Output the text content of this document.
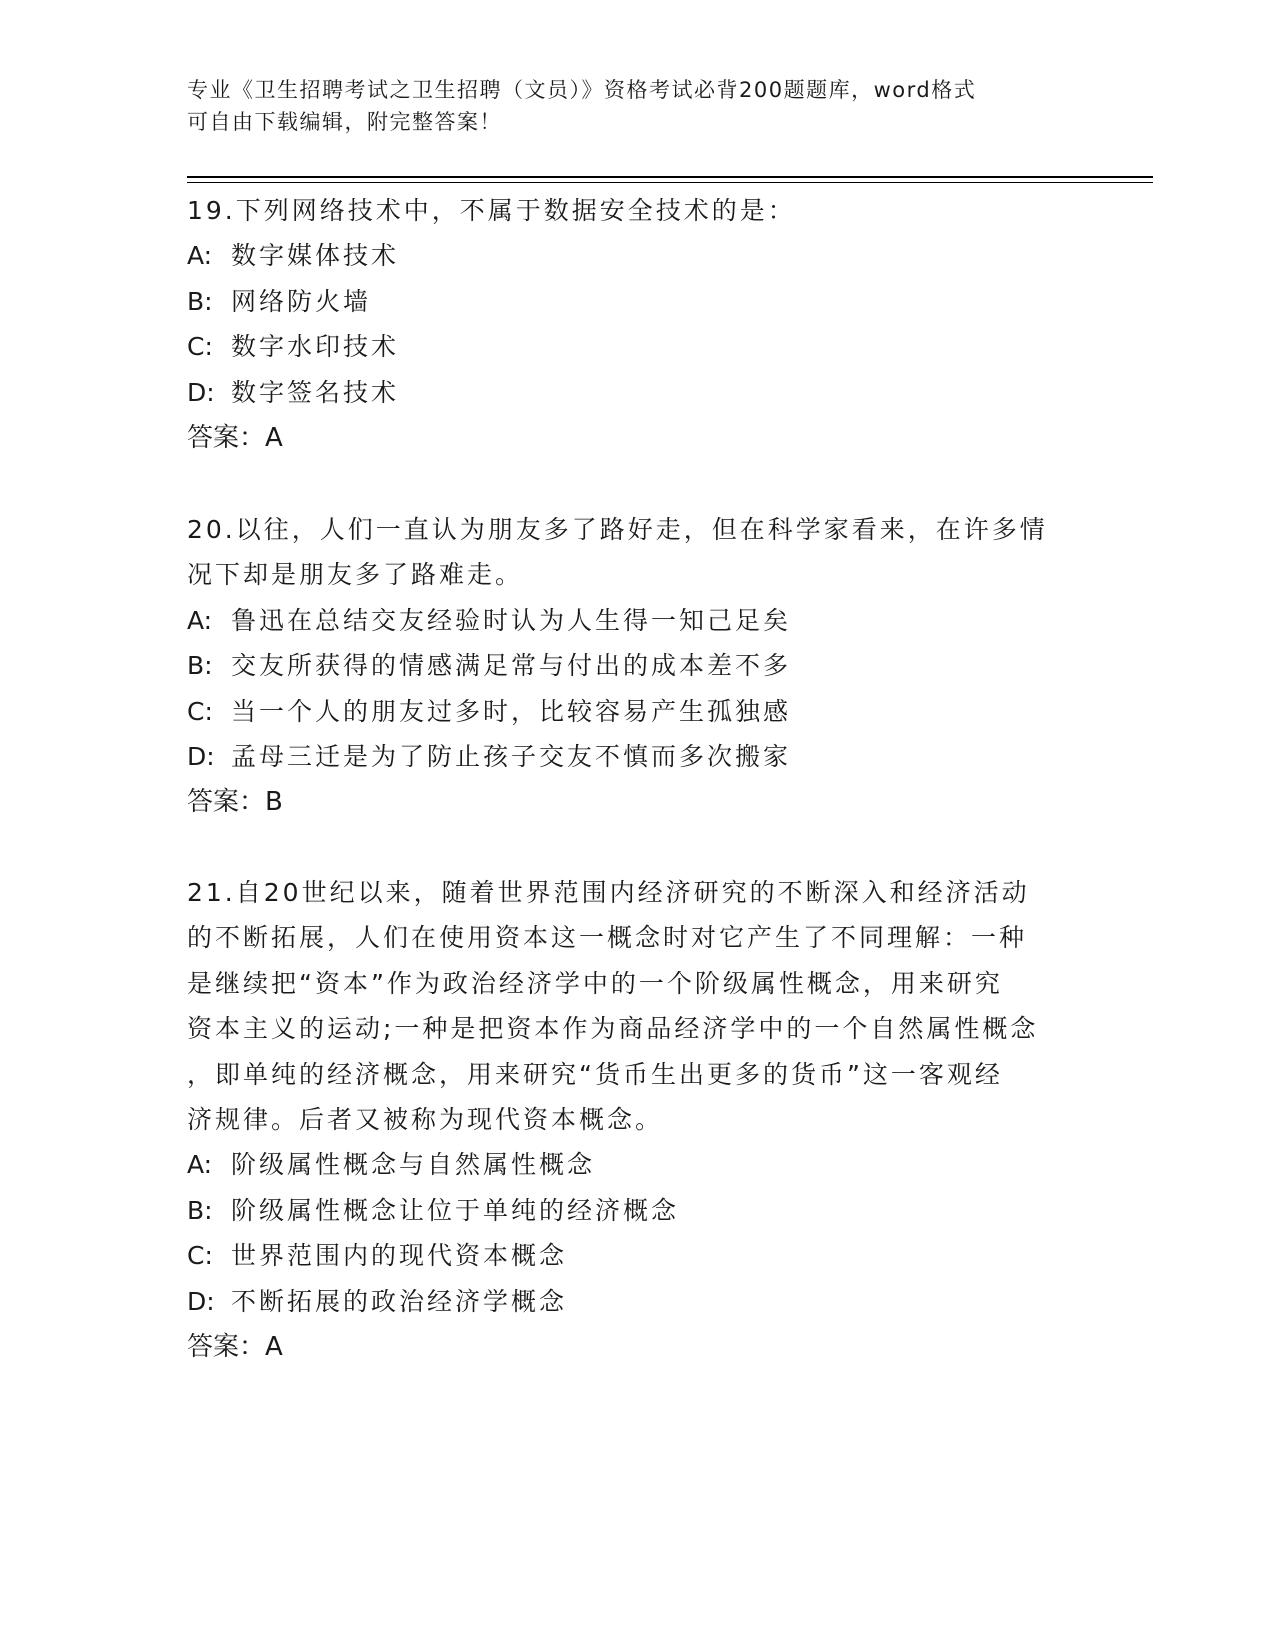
专业《卫生招聘考试之卫生招聘（文员）》资格考试必背200题题库，word格式
可自由下载编辑，附完整答案！
19.下列网络技术中，不属于数据安全技术的是：
A: 数字媒体技术
B: 网络防火墙
C: 数字水印技术
D: 数字签名技术
答案：A
20.以往，人们一直认为朋友多了路好走，但在科学家看来，在许多情
况下却是朋友多了路难走。
A: 鲁迅在总结交友经验时认为人生得一知己足矣
B: 交友所获得的情感满足常与付出的成本差不多
C: 当一个人的朋友过多时，比较容易产生孤独感
D: 孟母三迁是为了防止孩子交友不慎而多次搬家
答案：B
21.自20世纪以来，随着世界范围内经济研究的不断深入和经济活动
的不断拓展，人们在使用资本这一概念时对它产生了不同理解：一种
是继续把“资本”作为政治经济学中的一个阶级属性概念，用来研究
资本主义的运动;一种是把资本作为商品经济学中的一个自然属性概念
，即单纯的经济概念，用来研究“货币生出更多的货币”这一客观经
济规律。后者又被称为现代资本概念。
A: 阶级属性概念与自然属性概念
B: 阶级属性概念让位于单纯的经济概念
C: 世界范围内的现代资本概念
D: 不断拓展的政治经济学概念
答案：A
